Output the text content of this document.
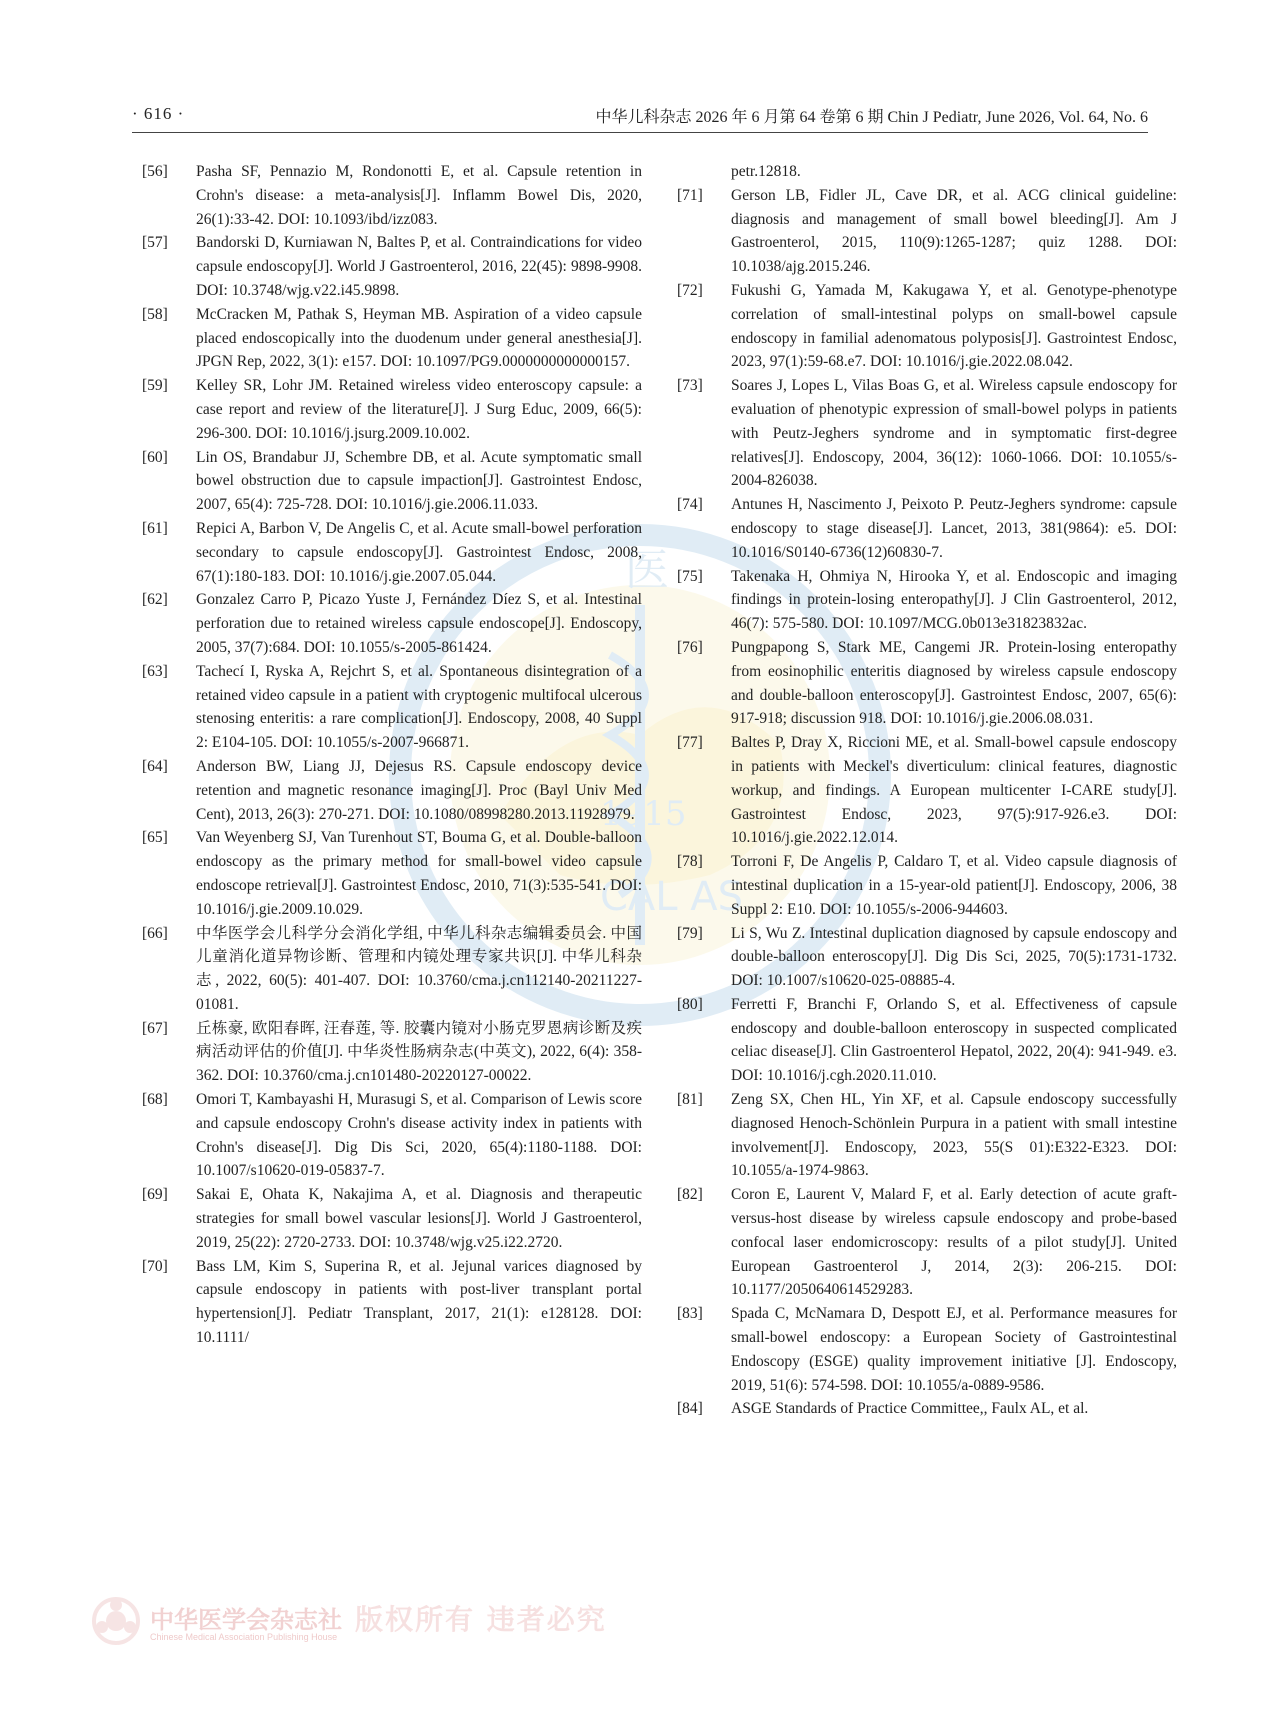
医
1915
CAL AS
· 616 ·	中华儿科杂志 2026 年 6 月第 64 卷第 6 期 Chin J Pediatr, June 2026, Vol. 64, No. 6

[56] Pasha SF, Pennazio M, Rondonotti E, et al. Capsule retention in Crohn's disease: a meta-analysis[J]. Inflamm Bowel Dis, 2020, 26(1):33-42. DOI: 10.1093/ibd/izz083.

[57] Bandorski D, Kurniawan N, Baltes P, et al. Contraindications for video capsule endoscopy[J]. World J Gastroenterol, 2016, 22(45): 9898-9908. DOI: 10.3748/wjg.v22.i45.9898.

[58] McCracken M, Pathak S, Heyman MB. Aspiration of a video capsule placed endoscopically into the duodenum under general anesthesia[J]. JPGN Rep, 2022, 3(1): e157. DOI: 10.1097/PG9.0000000000000157.

[59] Kelley SR, Lohr JM. Retained wireless video enteroscopy capsule: a case report and review of the literature[J]. J Surg Educ, 2009, 66(5): 296-300. DOI: 10.1016/j.jsurg.2009.10.002.

[60] Lin OS, Brandabur JJ, Schembre DB, et al. Acute symptomatic small bowel obstruction due to capsule impaction[J]. Gastrointest Endosc, 2007, 65(4): 725-728. DOI: 10.1016/j.gie.2006.11.033.

[61] Repici A, Barbon V, De Angelis C, et al. Acute small-bowel perforation secondary to capsule endoscopy[J]. Gastrointest Endosc, 2008, 67(1):180-183. DOI: 10.1016/j.gie.2007.05.044.

[62] Gonzalez Carro P, Picazo Yuste J, Fernández Díez S, et al. Intestinal perforation due to retained wireless capsule endoscope[J]. Endoscopy, 2005, 37(7):684. DOI: 10.1055/s-2005-861424.

[63] Tachecí I, Ryska A, Rejchrt S, et al. Spontaneous disintegration of a retained video capsule in a patient with cryptogenic multifocal ulcerous stenosing enteritis: a rare complication[J]. Endoscopy, 2008, 40 Suppl 2: E104-105. DOI: 10.1055/s-2007-966871.

[64] Anderson BW, Liang JJ, Dejesus RS. Capsule endoscopy device retention and magnetic resonance imaging[J]. Proc (Bayl Univ Med Cent), 2013, 26(3): 270-271. DOI: 10.1080/08998280.2013.11928979.

[65] Van Weyenberg SJ, Van Turenhout ST, Bouma G, et al. Double-balloon endoscopy as the primary method for small-bowel video capsule endoscope retrieval[J]. Gastrointest Endosc, 2010, 71(3):535-541. DOI: 10.1016/j.gie.2009.10.029.

[66] 中华医学会儿科学分会消化学组, 中华儿科杂志编辑委员会. 中国儿童消化道异物诊断、管理和内镜处理专家共识[J]. 中华儿科杂志, 2022, 60(5): 401-407. DOI: 10.3760/cma.j.cn112140-20211227-01081.

[67] 丘栋豪, 欧阳春晖, 汪春莲, 等. 胶囊内镜对小肠克罗恩病诊断及疾病活动评估的价值[J]. 中华炎性肠病杂志(中英文), 2022, 6(4): 358-362. DOI: 10.3760/cma.j.cn101480-20220127-00022.

[68] Omori T, Kambayashi H, Murasugi S, et al. Comparison of Lewis score and capsule endoscopy Crohn's disease activity index in patients with Crohn's disease[J]. Dig Dis Sci, 2020, 65(4):1180-1188. DOI: 10.1007/s10620-019-05837-7.

[69] Sakai E, Ohata K, Nakajima A, et al. Diagnosis and therapeutic strategies for small bowel vascular lesions[J]. World J Gastroenterol, 2019, 25(22): 2720-2733. DOI: 10.3748/wjg.v25.i22.2720.

[70] Bass LM, Kim S, Superina R, et al. Jejunal varices diagnosed by capsule endoscopy in patients with post-liver transplant portal hypertension[J]. Pediatr Transplant, 2017, 21(1): e128128. DOI: 10.1111/

petr.12818.

[71] Gerson LB, Fidler JL, Cave DR, et al. ACG clinical guideline: diagnosis and management of small bowel bleeding[J]. Am J Gastroenterol, 2015, 110(9):1265-1287; quiz 1288. DOI: 10.1038/ajg.2015.246.

[72] Fukushi G, Yamada M, Kakugawa Y, et al. Genotype-phenotype correlation of small-intestinal polyps on small-bowel capsule endoscopy in familial adenomatous polyposis[J]. Gastrointest Endosc, 2023, 97(1):59-68.e7. DOI: 10.1016/j.gie.2022.08.042.

[73] Soares J, Lopes L, Vilas Boas G, et al. Wireless capsule endoscopy for evaluation of phenotypic expression of small-bowel polyps in patients with Peutz-Jeghers syndrome and in symptomatic first-degree relatives[J]. Endoscopy, 2004, 36(12): 1060-1066. DOI: 10.1055/s-2004-826038.

[74] Antunes H, Nascimento J, Peixoto P. Peutz-Jeghers syndrome: capsule endoscopy to stage disease[J]. Lancet, 2013, 381(9864): e5. DOI: 10.1016/S0140-6736(12)60830-7.

[75] Takenaka H, Ohmiya N, Hirooka Y, et al. Endoscopic and imaging findings in protein-losing enteropathy[J]. J Clin Gastroenterol, 2012, 46(7): 575-580. DOI: 10.1097/MCG.0b013e31823832ac.

[76] Pungpapong S, Stark ME, Cangemi JR. Protein-losing enteropathy from eosinophilic enteritis diagnosed by wireless capsule endoscopy and double-balloon enteroscopy[J]. Gastrointest Endosc, 2007, 65(6): 917-918; discussion 918. DOI: 10.1016/j.gie.2006.08.031.

[77] Baltes P, Dray X, Riccioni ME, et al. Small-bowel capsule endoscopy in patients with Meckel's diverticulum: clinical features, diagnostic workup, and findings. A European multicenter I-CARE study[J]. Gastrointest Endosc, 2023, 97(5):917-926.e3. DOI: 10.1016/j.gie.2022.12.014.

[78] Torroni F, De Angelis P, Caldaro T, et al. Video capsule diagnosis of intestinal duplication in a 15-year-old patient[J]. Endoscopy, 2006, 38 Suppl 2: E10. DOI: 10.1055/s-2006-944603.

[79] Li S, Wu Z. Intestinal duplication diagnosed by capsule endoscopy and double-balloon enteroscopy[J]. Dig Dis Sci, 2025, 70(5):1731-1732. DOI: 10.1007/s10620-025-08885-4.

[80] Ferretti F, Branchi F, Orlando S, et al. Effectiveness of capsule endoscopy and double-balloon enteroscopy in suspected complicated celiac disease[J]. Clin Gastroenterol Hepatol, 2022, 20(4): 941-949. e3. DOI: 10.1016/j.cgh.2020.11.010.

[81] Zeng SX, Chen HL, Yin XF, et al. Capsule endoscopy successfully diagnosed Henoch-Schönlein Purpura in a patient with small intestine involvement[J]. Endoscopy, 2023, 55(S 01):E322-E323. DOI: 10.1055/a-1974-9863.

[82] Coron E, Laurent V, Malard F, et al. Early detection of acute graft-versus-host disease by wireless capsule endoscopy and probe-based confocal laser endomicroscopy: results of a pilot study[J]. United European Gastroenterol J, 2014, 2(3): 206-215. DOI: 10.1177/2050640614529283.

[83] Spada C, McNamara D, Despott EJ, et al. Performance measures for small-bowel endoscopy: a European Society of Gastrointestinal Endoscopy (ESGE) quality improvement initiative [J]. Endoscopy, 2019, 51(6): 574-598. DOI: 10.1055/a-0889-9586.

[84] ASGE Standards of Practice Committee,, Faulx AL, et al.

中华医学会杂志社
Chinese Medical Association Publishing House
版权所有 违者必究
